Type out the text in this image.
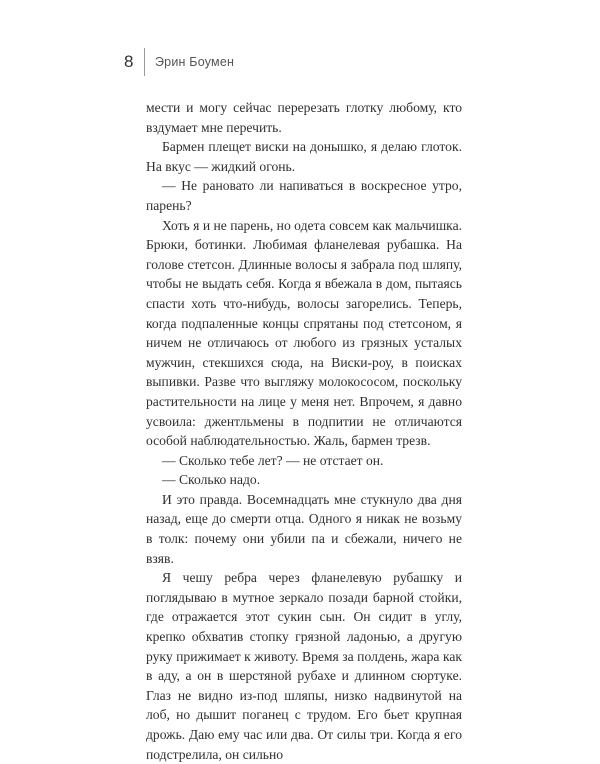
8	Эрин Боумен

мести и могу сейчас перерезать глотку любому, кто вздумает мне перечить.

Бармен плещет виски на донышко, я делаю глоток. На вкус — жидкий огонь.

— Не рановато ли напиваться в воскресное утро, парень?

Хоть я и не парень, но одета совсем как мальчишка. Брюки, ботинки. Любимая фланелевая рубашка. На голове стетсон. Длинные волосы я забрала под шляпу, чтобы не выдать себя. Когда я вбежала в дом, пытаясь спасти хоть что-нибудь, волосы загорелись. Теперь, когда подпаленные концы спрятаны под стетсоном, я ничем не отличаюсь от любого из грязных усталых мужчин, стекшихся сюда, на Виски-роу, в поисках выпивки. Разве что выгляжу молокососом, поскольку растительности на лице у меня нет. Впрочем, я давно усвоила: джентльмены в подпитии не отличаются особой наблюдательностью. Жаль, бармен трезв.

— Сколько тебе лет? — не отстает он.

— Сколько надо.

И это правда. Восемнадцать мне стукнуло два дня назад, еще до смерти отца. Одного я никак не возьму в толк: почему они убили па и сбежали, ничего не взяв.

Я чешу ребра через фланелевую рубашку и поглядываю в мутное зеркало позади барной стойки, где отражается этот сукин сын. Он сидит в углу, крепко обхватив стопку грязной ладонью, а другую руку прижимает к животу. Время за полдень, жара как в аду, а он в шерстяной рубахе и длинном сюртуке. Глаз не видно из-под шляпы, низко надвинутой на лоб, но дышит поганец с трудом. Его бьет крупная дрожь. Даю ему час или два. От силы три. Когда я его подстрелила, он сильно
